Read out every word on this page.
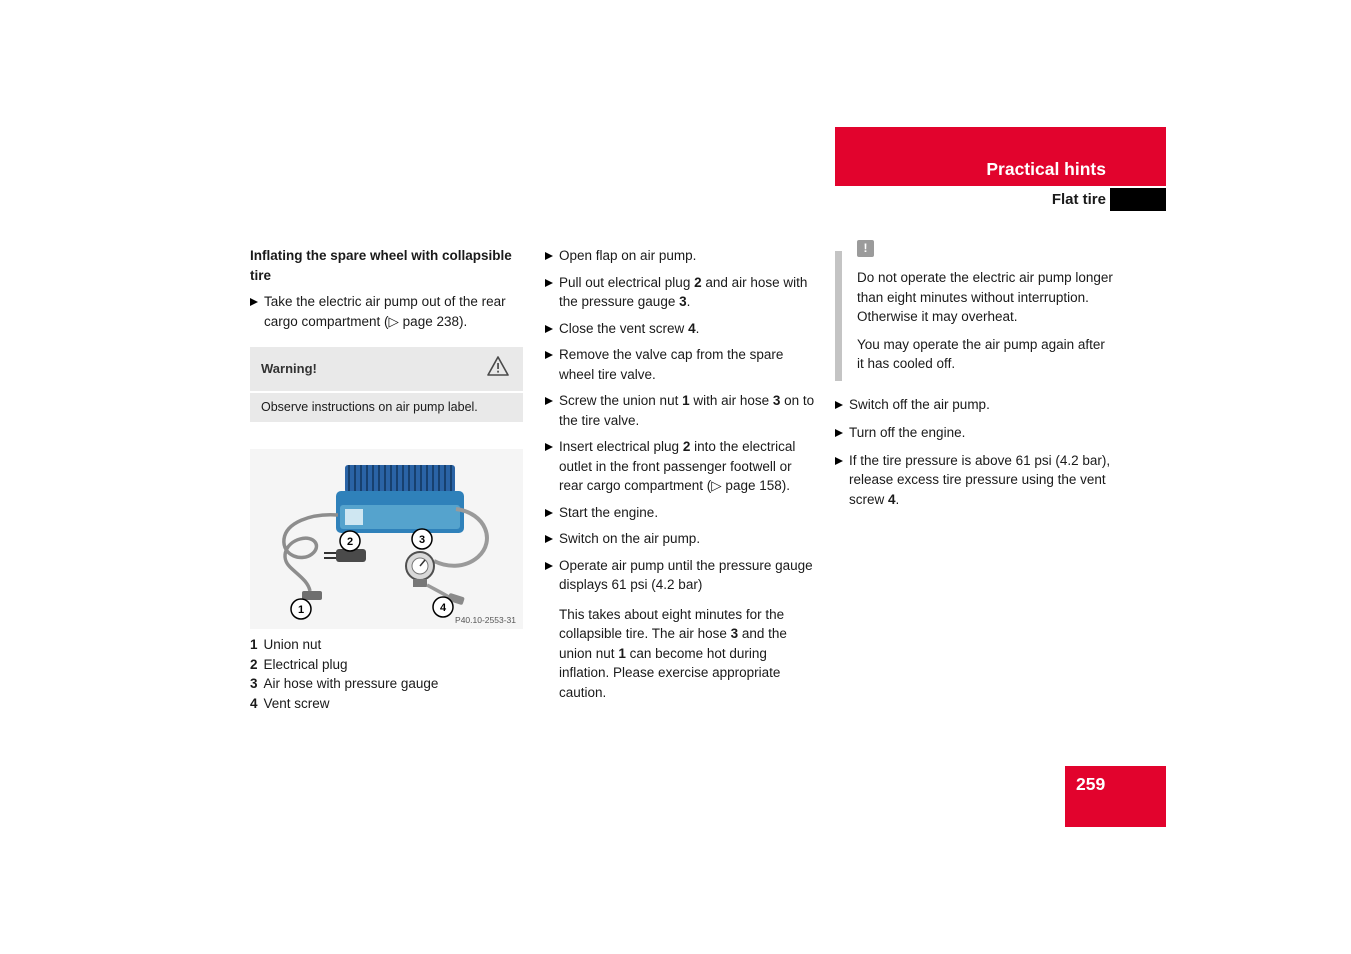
Practical hints
Flat tire
Inflating the spare wheel with collapsible tire
Take the electric air pump out of the rear cargo compartment (▷ page 238).
Warning!
Observe instructions on air pump label.
1
2	3
4
P40.10-2553-31
1 Union nut
2 Electrical plug
3 Air hose with pressure gauge
4 Vent screw
Open flap on air pump.
Pull out electrical plug 2 and air hose with the pressure gauge 3.
Close the vent screw 4.
Remove the valve cap from the spare wheel tire valve.
Screw the union nut 1 with air hose 3 on to the tire valve.
Insert electrical plug 2 into the electrical outlet in the front passenger footwell or rear cargo compartment (▷ page 158).
Start the engine.
Switch on the air pump.
Operate air pump until the pressure gauge displays 61 psi (4.2 bar)
This takes about eight minutes for the collapsible tire. The air hose 3 and the union nut 1 can become hot during inflation. Please exercise appropriate caution.
!

Do not operate the electric air pump longer than eight minutes without interruption. Otherwise it may overheat.

You may operate the air pump again after it has cooled off.

Switch off the air pump.
Turn off the engine.
If the tire pressure is above 61 psi (4.2 bar), release excess tire pressure using the vent screw 4.
259
